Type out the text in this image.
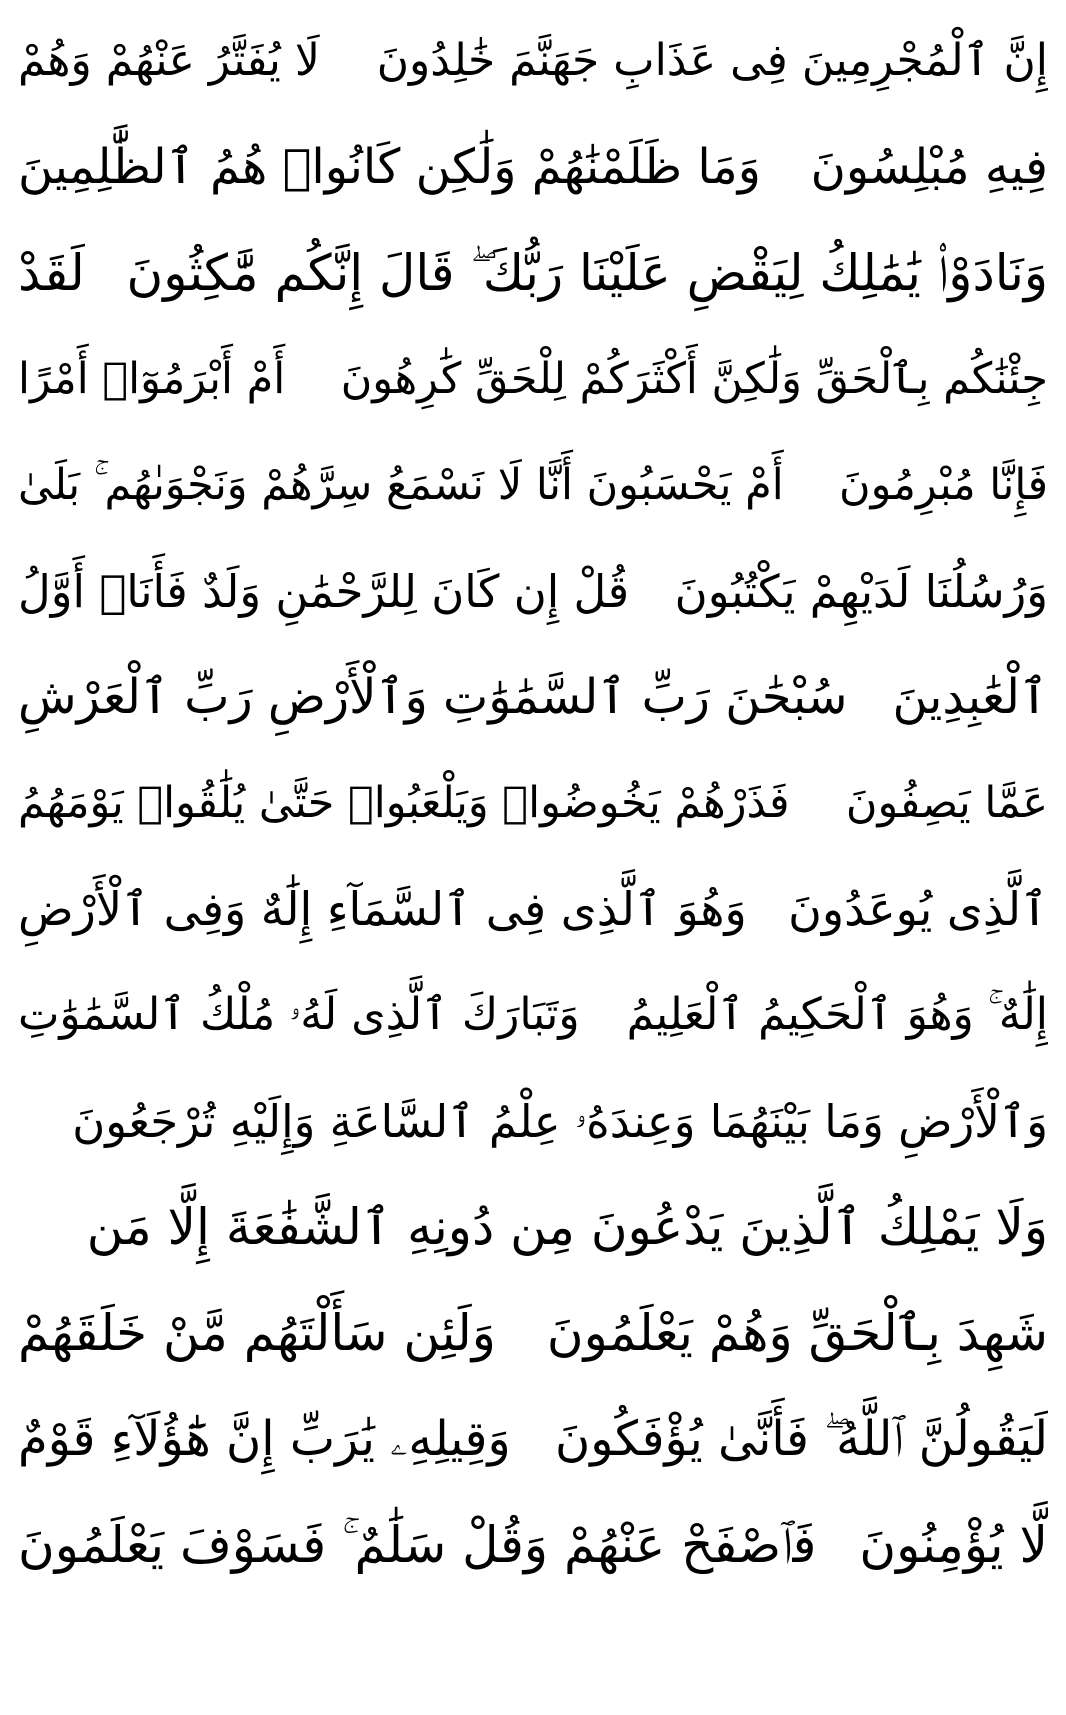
إِنَّ ٱلْمُجْرِمِينَ فِى عَذَابِ جَهَنَّمَ خَٰلِدُونَ
لَا يُفَتَّرُ عَنْهُمْ وَهُمْ
فِيهِ مُبْلِسُونَ
وَمَا ظَلَمْنَٰهُمْ وَلَٰكِن كَانُوا۟ هُمُ ٱلظَّٰلِمِينَ
وَنَادَوْا۟ يَٰمَٰلِكُ لِيَقْضِ عَلَيْنَا رَبُّكَ ۖ قَالَ إِنَّكُم مَّٰكِثُونَ
لَقَدْ
جِئْنَٰكُم بِٱلْحَقِّ وَلَٰكِنَّ أَكْثَرَكُمْ لِلْحَقِّ كَٰرِهُونَ
أَمْ أَبْرَمُوٓا۟ أَمْرًا
فَإِنَّا مُبْرِمُونَ
أَمْ يَحْسَبُونَ أَنَّا لَا نَسْمَعُ سِرَّهُمْ وَنَجْوَىٰهُم ۚ بَلَىٰ
وَرُسُلُنَا لَدَيْهِمْ يَكْتُبُونَ
قُلْ إِن كَانَ لِلرَّحْمَٰنِ وَلَدٌ فَأَنَا۠ أَوَّلُ
ٱلْعَٰبِدِينَ
سُبْحَٰنَ رَبِّ ٱلسَّمَٰوَٰتِ وَٱلْأَرْضِ رَبِّ ٱلْعَرْشِ
عَمَّا يَصِفُونَ
فَذَرْهُمْ يَخُوضُوا۟ وَيَلْعَبُوا۟ حَتَّىٰ يُلَٰقُوا۟ يَوْمَهُمُ
ٱلَّذِى يُوعَدُونَ
وَهُوَ ٱلَّذِى فِى ٱلسَّمَآءِ إِلَٰهٌ وَفِى ٱلْأَرْضِ
إِلَٰهٌ ۚ وَهُوَ ٱلْحَكِيمُ ٱلْعَلِيمُ
وَتَبَارَكَ ٱلَّذِى لَهُۥ مُلْكُ ٱلسَّمَٰوَٰتِ
وَٱلْأَرْضِ وَمَا بَيْنَهُمَا وَعِندَهُۥ عِلْمُ ٱلسَّاعَةِ وَإِلَيْهِ تُرْجَعُونَ
وَلَا يَمْلِكُ ٱلَّذِينَ يَدْعُونَ مِن دُونِهِ ٱلشَّفَٰعَةَ إِلَّا مَن
شَهِدَ بِٱلْحَقِّ وَهُمْ يَعْلَمُونَ
وَلَئِن سَأَلْتَهُم مَّنْ خَلَقَهُمْ
لَيَقُولُنَّ ٱللَّهُ ۖ فَأَنَّىٰ يُؤْفَكُونَ
وَقِيلِهِۦ يَٰرَبِّ إِنَّ هَٰٓؤُلَآءِ قَوْمٌ
لَّا يُؤْمِنُونَ
فَٱصْفَحْ عَنْهُمْ وَقُلْ سَلَٰمٌ ۚ فَسَوْفَ يَعْلَمُونَ
